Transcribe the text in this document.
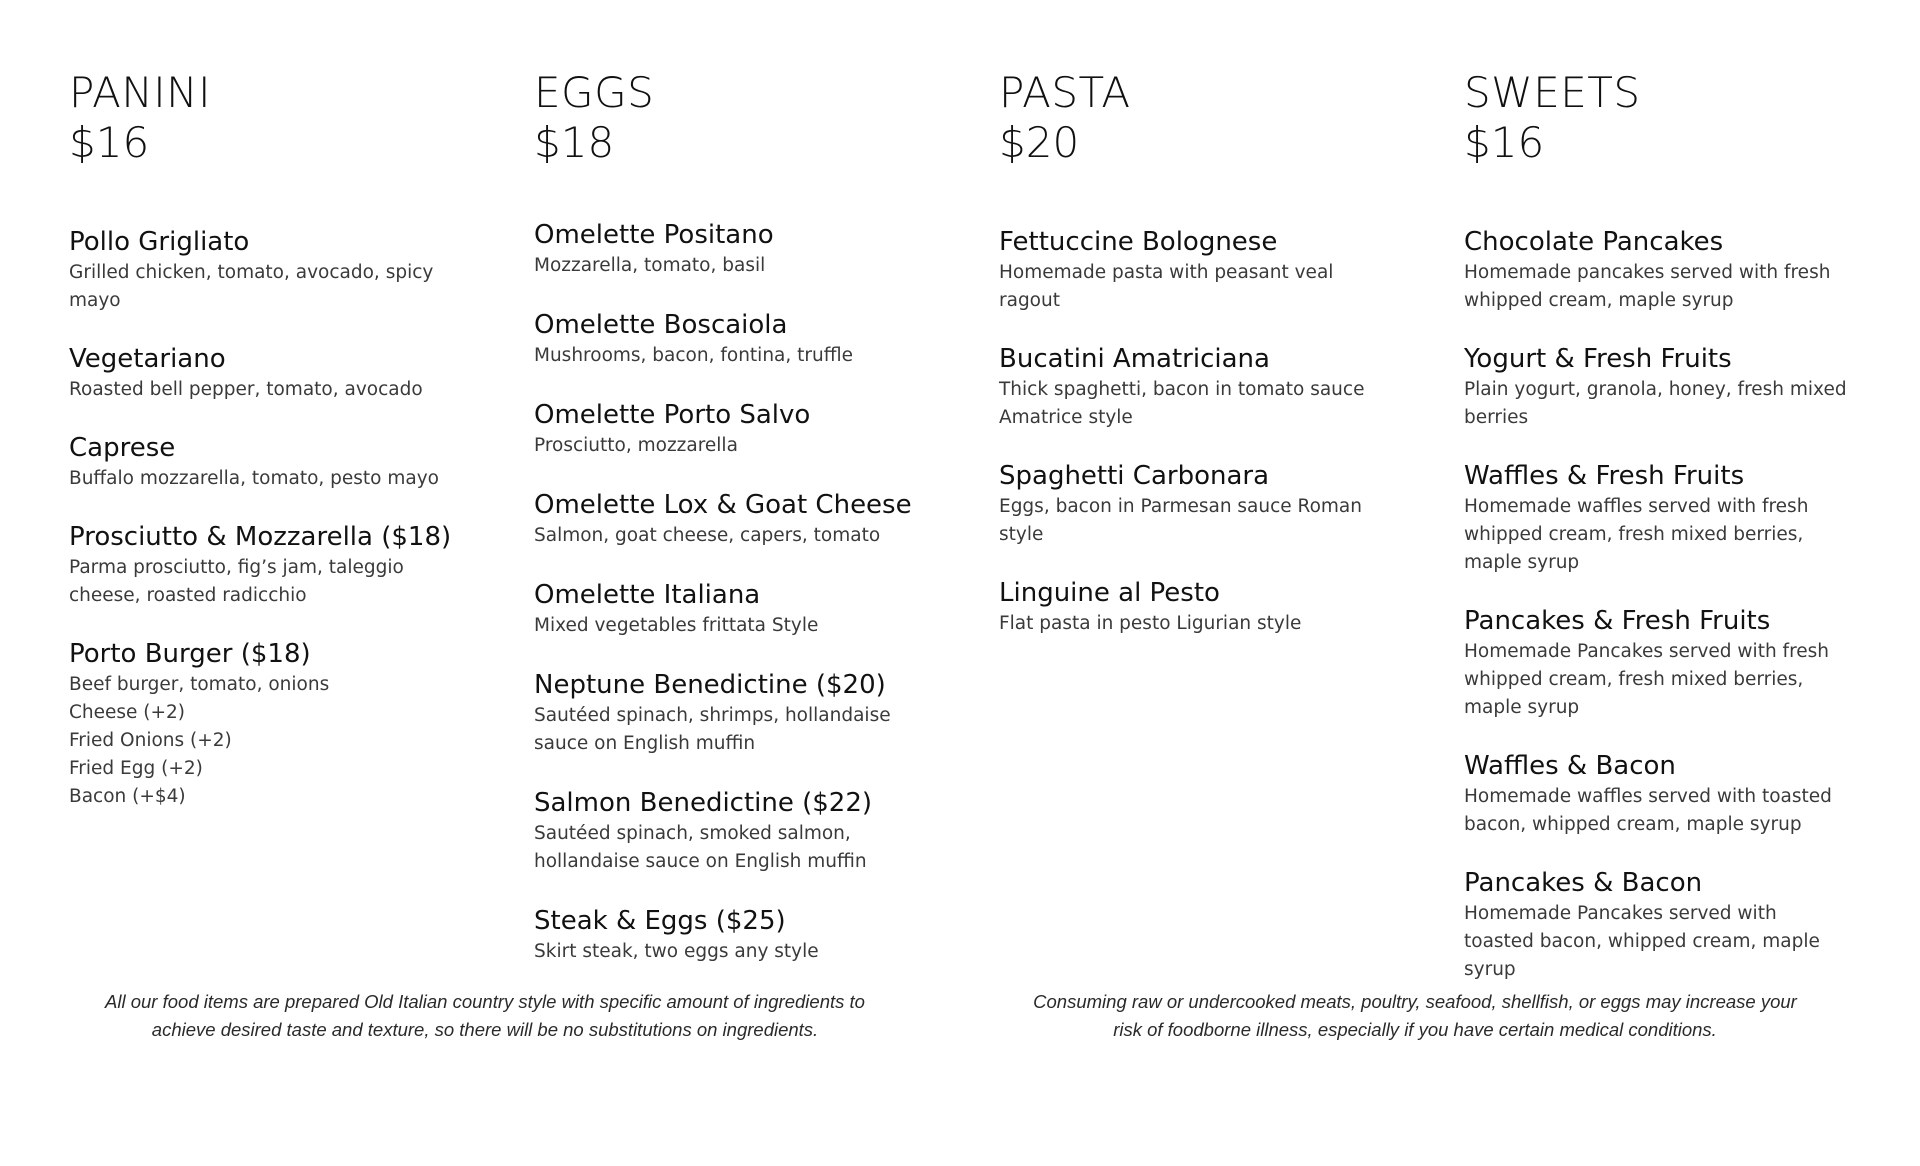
PANINI
$16
Pollo Grigliato
Grilled chicken, tomato, avocado, spicy
mayo
Vegetariano
Roasted bell pepper, tomato, avocado
Caprese
Buffalo mozzarella, tomato, pesto mayo
Prosciutto & Mozzarella ($18)
Parma prosciutto, fig’s jam, taleggio
cheese, roasted radicchio
Porto Burger ($18)
Beef burger, tomato, onions
Cheese (+2)
Fried Onions (+2)
Fried Egg (+2)
Bacon (+$4)
EGGS
$18
Omelette Positano
Mozzarella, tomato, basil
Omelette Boscaiola
Mushrooms, bacon, fontina, truffle
Omelette Porto Salvo
Prosciutto, mozzarella
Omelette Lox & Goat Cheese
Salmon, goat cheese, capers, tomato
Omelette Italiana
Mixed vegetables frittata Style
Neptune Benedictine ($20)
Sautéed spinach, shrimps, hollandaise
sauce on English muffin
Salmon Benedictine ($22)
Sautéed spinach, smoked salmon,
hollandaise sauce on English muffin
Steak & Eggs ($25)
Skirt steak, two eggs any style
PASTA
$20
Fettuccine Bolognese
Homemade pasta with peasant veal
ragout
Bucatini Amatriciana
Thick spaghetti, bacon in tomato sauce
Amatrice style
Spaghetti Carbonara
Eggs, bacon in Parmesan sauce Roman
style
Linguine al Pesto
Flat pasta in pesto Ligurian style
SWEETS
$16
Chocolate Pancakes
Homemade pancakes served with fresh
whipped cream, maple syrup
Yogurt & Fresh Fruits
Plain yogurt, granola, honey, fresh mixed
berries
Waffles & Fresh Fruits
Homemade waffles served with fresh
whipped cream, fresh mixed berries,
maple syrup
Pancakes & Fresh Fruits
Homemade Pancakes served with fresh
whipped cream, fresh mixed berries,
maple syrup
Waffles & Bacon
Homemade waffles served with toasted
bacon, whipped cream, maple syrup
Pancakes & Bacon
Homemade Pancakes served with
toasted bacon, whipped cream, maple
syrup
All our food items are prepared Old Italian country style with specific amount of ingredients to
achieve desired taste and texture, so there will be no substitutions on ingredients.
Consuming raw or undercooked meats, poultry, seafood, shellfish, or eggs may increase your
risk of foodborne illness, especially if you have certain medical conditions.
